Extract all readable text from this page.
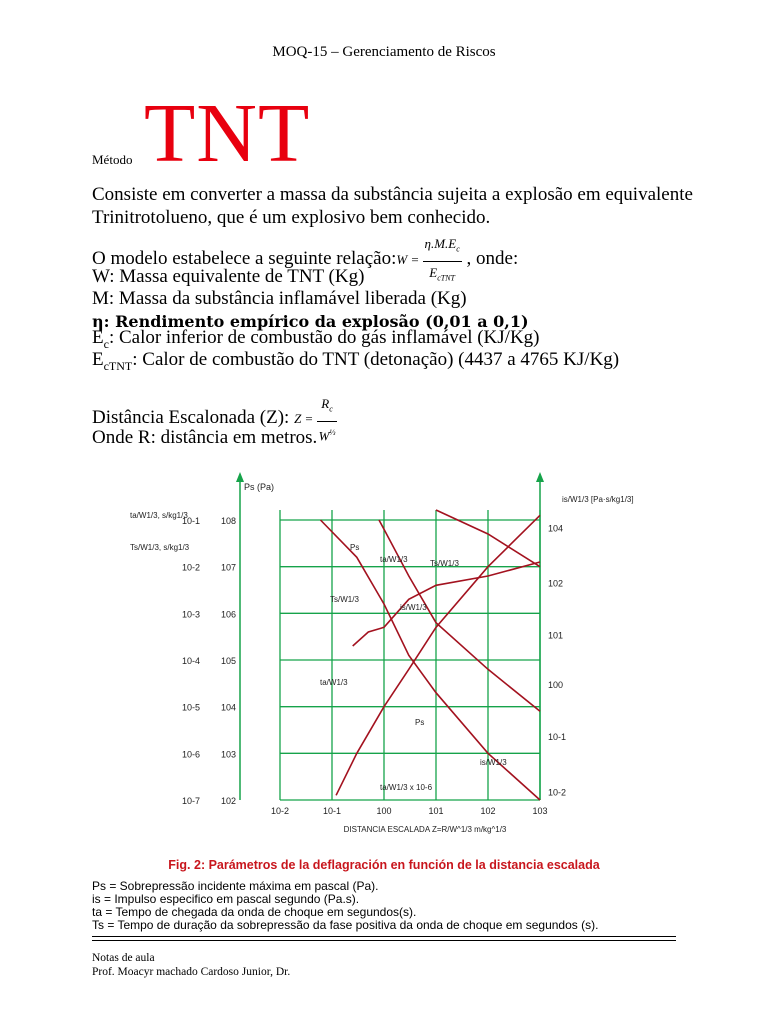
MOQ-15 – Gerenciamento de Riscos
Método TNT
Consiste em converter a massa da substância sujeita a explosão em equivalente
Trinitrotolueno, que é um explosivo bem conhecido.
O modelo estabelece a seguinte relação:W = $\frac{\eta.M.E_c}{E_{cTNT}}$ , onde:
W: Massa equivalente de TNT (Kg)
M: Massa da substância inflamável liberada (Kg)
η: Rendimento empírico da explosão (0,01 a 0,1)
$E_c$: Calor inferior de combustão do gás inflamável (KJ/Kg)
$E_{cTNT}$: Calor de combustão do TNT (detonação) (4437 a 4765 KJ/Kg)
Distância Escalonada (Z): $Z = \frac{R_c}{W^{\frac{1}{3}}}$
Onde R: distância em metros.
10-2	10-1	100	101	102	103
10-7
10-6
10-5
10-4
10-3
10-2
10-1
102
103
104
105
106
107
108
10-2
10-1
100
101
102
104
Ps (Pa)
ta/W1/3, s/kg1/3
Ts/W1/3, s/kg1/3
is/W1/3 [Pa·s/kg1/3]
DISTANCIA ESCALADA Z=R/W^1/3 m/kg^1/3
Ps
ta/W1/3	Ts/W1/3
Ts/W1/3
is/W1/3
ta/W1/3
Ps
is/W1/3
ta/W1/3 x 10-6
Fig. 2: Parámetros de la deflagración en función de la distancia escalada
Ps = Sobrepressão incidente máxima em pascal (Pa).
is = Impulso especifico em pascal segundo (Pa.s).
ta = Tempo de chegada da onda de choque em segundos(s).
Ts = Tempo de duração da sobrepressão da fase positiva da onda de choque em segundos (s).
Notas de aula
Prof. Moacyr machado Cardoso Junior, Dr.
